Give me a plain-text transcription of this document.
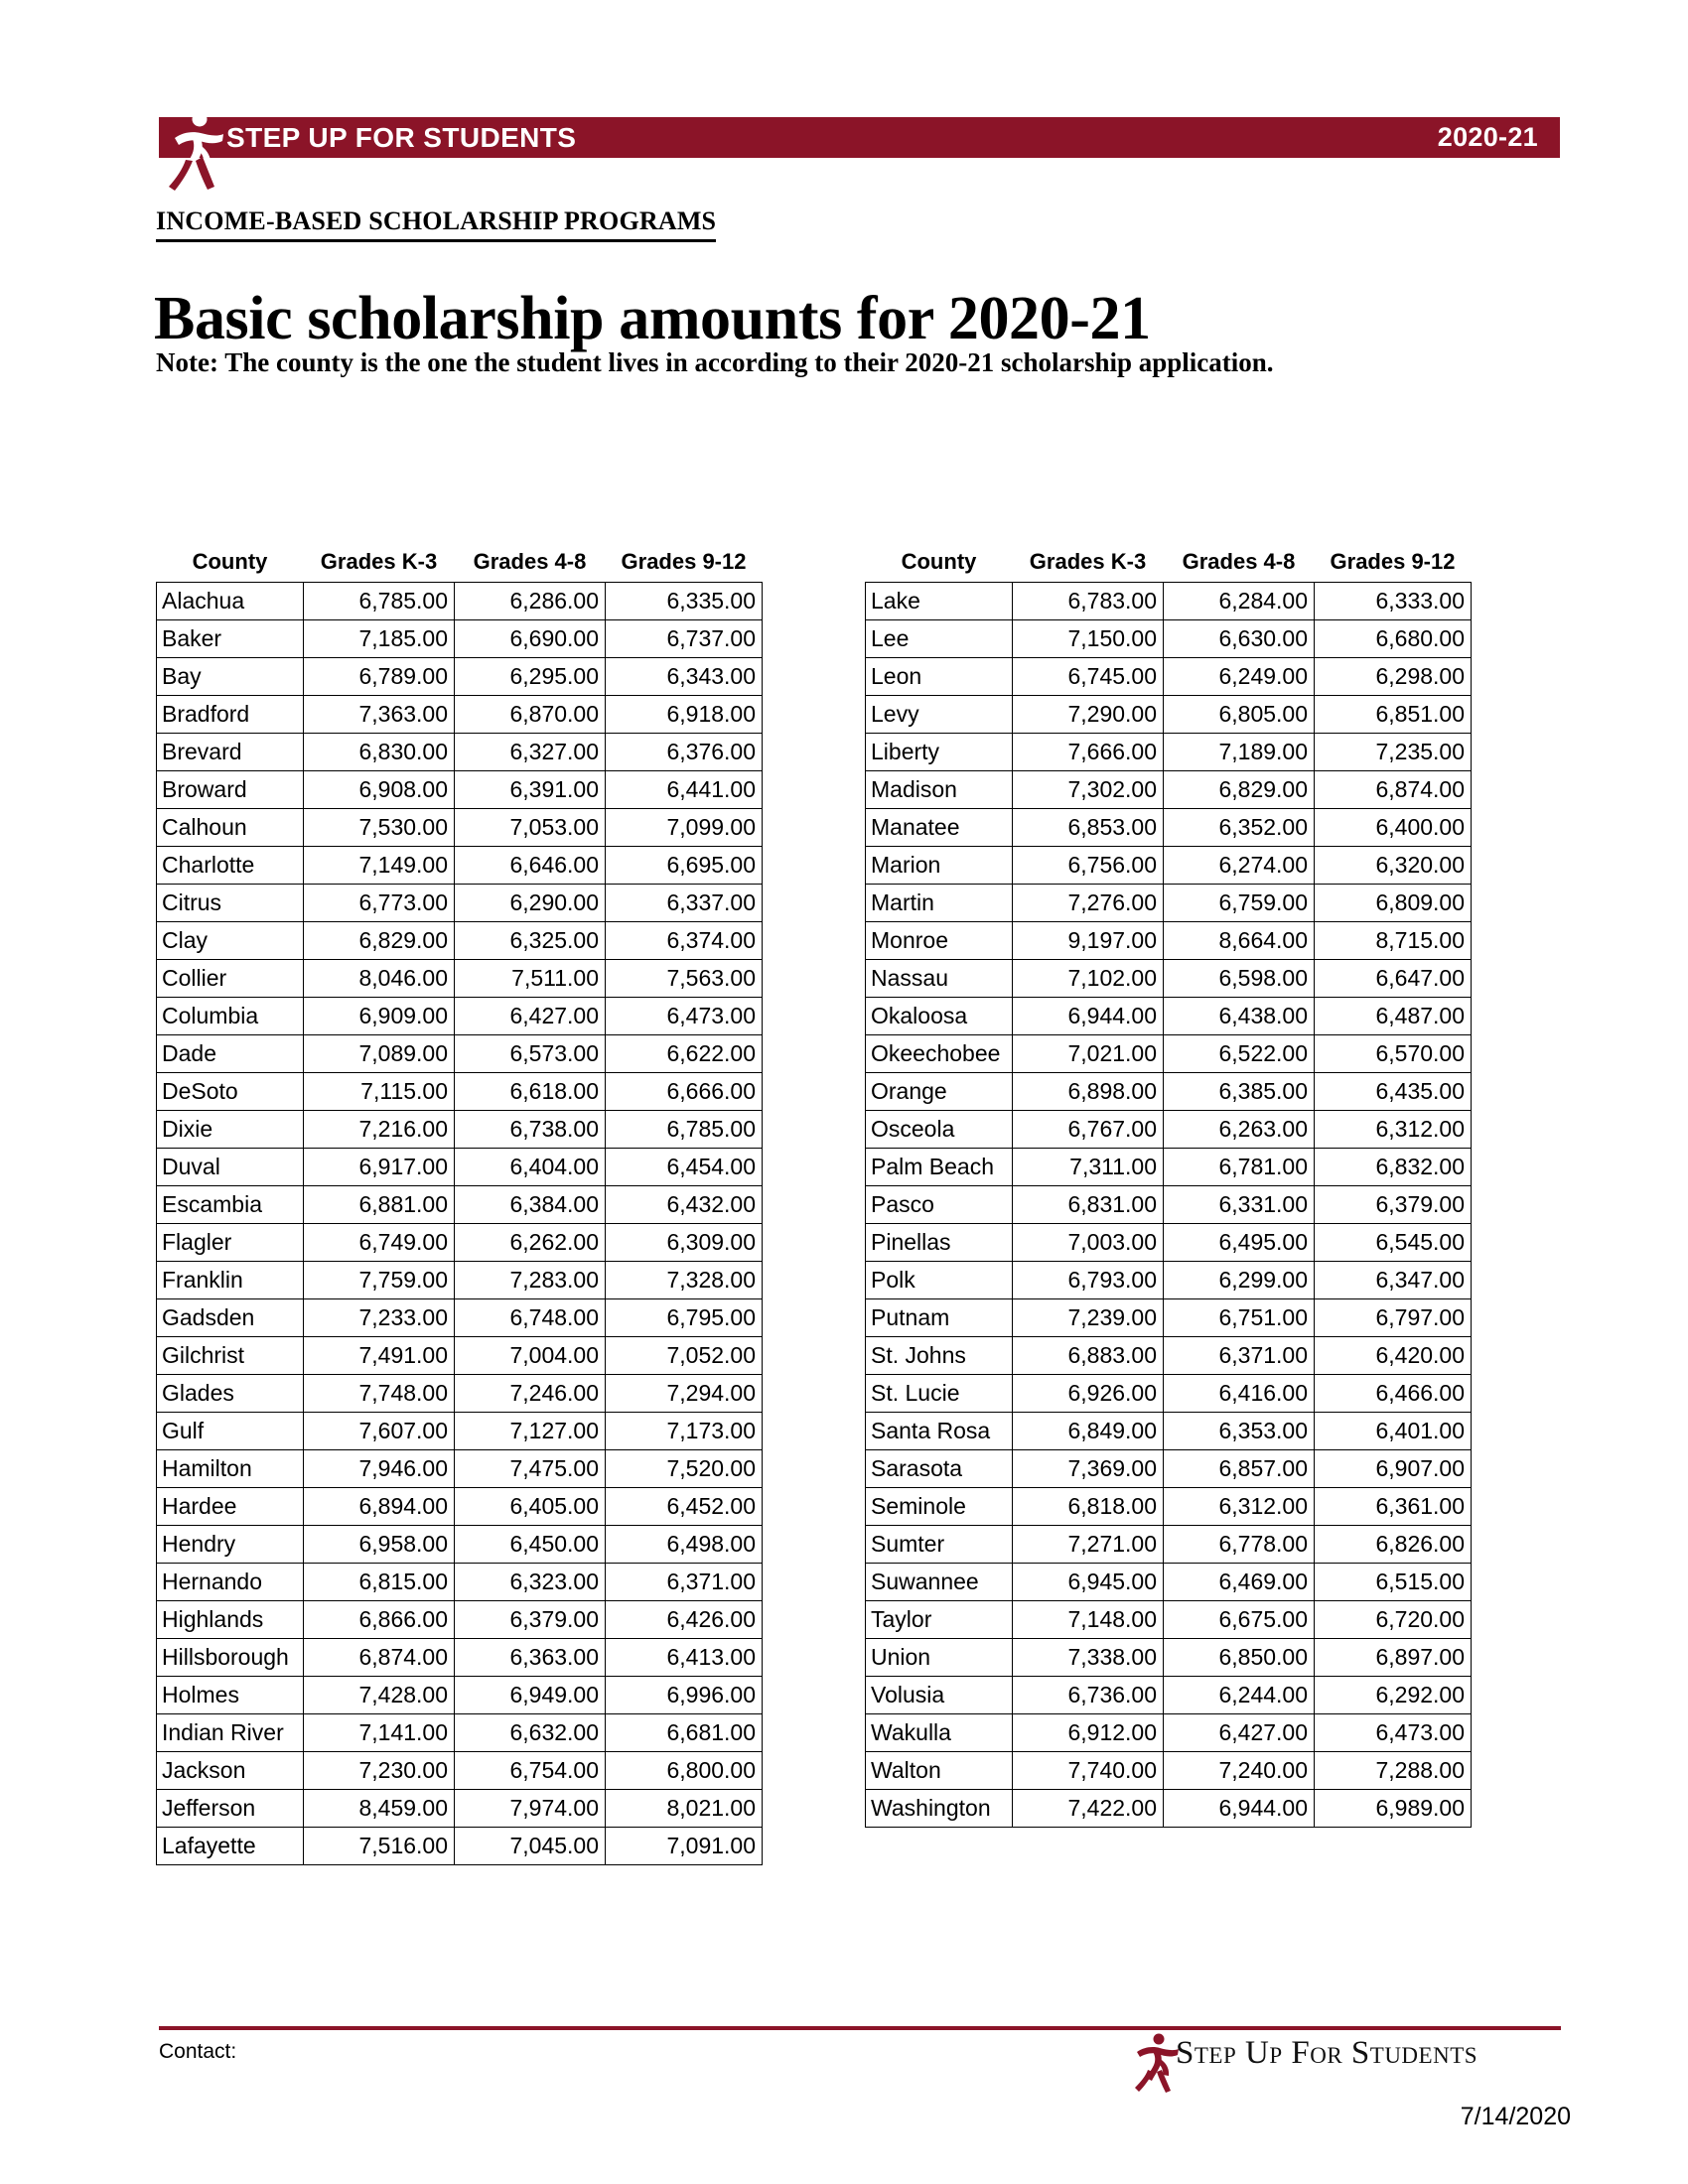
STEP UP FOR STUDENTS	2020-21
INCOME-BASED SCHOLARSHIP PROGRAMS
Basic scholarship amounts for 2020-21
Note: The county is the one the student lives in according to their 2020-21 scholarship application.
County	Grades K-3	Grades 4-8	Grades 9-12
Alachua	6,785.00	6,286.00	6,335.00
Baker	7,185.00	6,690.00	6,737.00
Bay	6,789.00	6,295.00	6,343.00
Bradford	7,363.00	6,870.00	6,918.00
Brevard	6,830.00	6,327.00	6,376.00
Broward	6,908.00	6,391.00	6,441.00
Calhoun	7,530.00	7,053.00	7,099.00
Charlotte	7,149.00	6,646.00	6,695.00
Citrus	6,773.00	6,290.00	6,337.00
Clay	6,829.00	6,325.00	6,374.00
Collier	8,046.00	7,511.00	7,563.00
Columbia	6,909.00	6,427.00	6,473.00
Dade	7,089.00	6,573.00	6,622.00
DeSoto	7,115.00	6,618.00	6,666.00
Dixie	7,216.00	6,738.00	6,785.00
Duval	6,917.00	6,404.00	6,454.00
Escambia	6,881.00	6,384.00	6,432.00
Flagler	6,749.00	6,262.00	6,309.00
Franklin	7,759.00	7,283.00	7,328.00
Gadsden	7,233.00	6,748.00	6,795.00
Gilchrist	7,491.00	7,004.00	7,052.00
Glades	7,748.00	7,246.00	7,294.00
Gulf	7,607.00	7,127.00	7,173.00
Hamilton	7,946.00	7,475.00	7,520.00
Hardee	6,894.00	6,405.00	6,452.00
Hendry	6,958.00	6,450.00	6,498.00
Hernando	6,815.00	6,323.00	6,371.00
Highlands	6,866.00	6,379.00	6,426.00
Hillsborough	6,874.00	6,363.00	6,413.00
Holmes	7,428.00	6,949.00	6,996.00
Indian River	7,141.00	6,632.00	6,681.00
Jackson	7,230.00	6,754.00	6,800.00
Jefferson	8,459.00	7,974.00	8,021.00
Lafayette	7,516.00	7,045.00	7,091.00
County	Grades K-3	Grades 4-8	Grades 9-12
Lake	6,783.00	6,284.00	6,333.00
Lee	7,150.00	6,630.00	6,680.00
Leon	6,745.00	6,249.00	6,298.00
Levy	7,290.00	6,805.00	6,851.00
Liberty	7,666.00	7,189.00	7,235.00
Madison	7,302.00	6,829.00	6,874.00
Manatee	6,853.00	6,352.00	6,400.00
Marion	6,756.00	6,274.00	6,320.00
Martin	7,276.00	6,759.00	6,809.00
Monroe	9,197.00	8,664.00	8,715.00
Nassau	7,102.00	6,598.00	6,647.00
Okaloosa	6,944.00	6,438.00	6,487.00
Okeechobee	7,021.00	6,522.00	6,570.00
Orange	6,898.00	6,385.00	6,435.00
Osceola	6,767.00	6,263.00	6,312.00
Palm Beach	7,311.00	6,781.00	6,832.00
Pasco	6,831.00	6,331.00	6,379.00
Pinellas	7,003.00	6,495.00	6,545.00
Polk	6,793.00	6,299.00	6,347.00
Putnam	7,239.00	6,751.00	6,797.00
St. Johns	6,883.00	6,371.00	6,420.00
St. Lucie	6,926.00	6,416.00	6,466.00
Santa Rosa	6,849.00	6,353.00	6,401.00
Sarasota	7,369.00	6,857.00	6,907.00
Seminole	6,818.00	6,312.00	6,361.00
Sumter	7,271.00	6,778.00	6,826.00
Suwannee	6,945.00	6,469.00	6,515.00
Taylor	7,148.00	6,675.00	6,720.00
Union	7,338.00	6,850.00	6,897.00
Volusia	6,736.00	6,244.00	6,292.00
Wakulla	6,912.00	6,427.00	6,473.00
Walton	7,740.00	7,240.00	7,288.00
Washington	7,422.00	6,944.00	6,989.00
Contact:	Step Up For Students
7/14/2020
